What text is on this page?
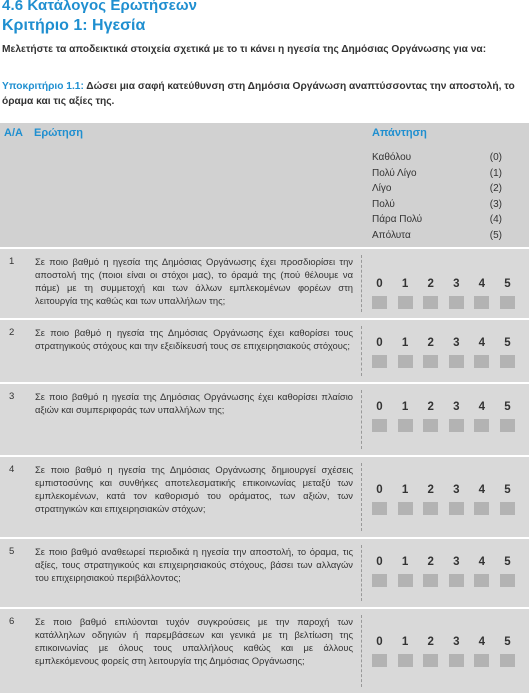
4.6 Κατάλογος Ερωτήσεων
Κριτήριο 1: Ηγεσία
Μελετήστε τα αποδεικτικά στοιχεία σχετικά με το τι κάνει η ηγεσία της Δημόσιας Οργάνωσης για να:
Υποκριτήριο 1.1: Δώσει μια σαφή κατεύθυνση στη Δημόσια Οργάνωση αναπτύσσοντας την αποστολή, το όραμα και τις αξίες της.
Α/Α Ερώτηση	Απάντηση
Καθόλου	(0)
Πολύ Λίγο	(1)
Λίγο	(2)
Πολύ	(3)
Πάρα Πολύ	(4)
Απόλυτα	(5)
1 Σε ποιο βαθμό η ηγεσία της Δημόσιας Οργάνωσης έχει προσδιορίσει την αποστολή της (ποιοι είναι οι στόχοι μας), το όραμά της (πού θέλουμε να πάμε) με τη συμμετοχή και των άλλων εμπλεκομένων φορέων στη λειτουργία της καθώς και των υπαλλήλων της;
0 1 2 3 4 5
2 Σε ποιο βαθμό η ηγεσία της Δημόσιας Οργάνωσης έχει καθορίσει τους στρατηγικούς στόχους και την εξειδίκευσή τους σε επιχειρησιακούς στόχους; 0 1 2 3 4 5
3 Σε ποιο βαθμό η ηγεσία της Δημόσιας Οργάνωσης έχει καθορίσει πλαίσιο αξιών και συμπεριφοράς των υπαλλήλων της;	0 1 2 3 4 5
4 Σε ποιο βαθμό η ηγεσία της Δημόσιας Οργάνωσης δημιουργεί σχέσεις εμπιστοσύνης και συνθήκες αποτελεσματικής επικοινωνίας μεταξύ των εμπλεκομένων, κατά τον καθορισμό του οράματος, των αξιών, των στρατηγικών και επιχειρησιακών στόχων;
0 1 2 3 4 5
5 Σε ποιο βαθμό αναθεωρεί περιοδικά η ηγεσία την αποστολή, το όραμα, τις αξίες, τους στρατηγικούς και επιχειρησιακούς στόχους, βάσει των αλλαγών του επιχειρησιακού περιβάλλοντος;
0 1 2 3 4 5
6 Σε ποιο βαθμό επιλύονται τυχόν συγκρούσεις με την παροχή των κατάλληλων οδηγιών ή παρεμβάσεων και γενικά με τη βελτίωση της επικοινωνίας με όλους τους υπαλλήλους καθώς και με άλλους εμπλεκόμενους φορείς στη λειτουργία της Δημόσιας Οργάνωσης;
0 1 2 3 4 5
